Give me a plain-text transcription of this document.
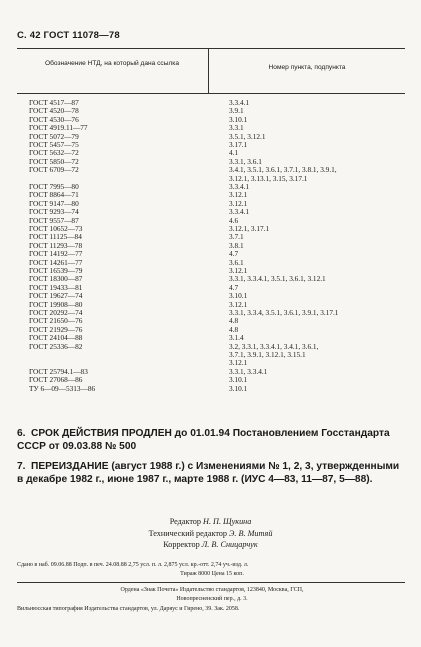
С. 42 ГОСТ 11078—78
Обозначение НТД, на который дана ссылка
Номер пункта, подпункта
ГОСТ 4517—87	3.3.4.1
ГОСТ 4520—78	3.9.1
ГОСТ 4530—76	3.10.1
ГОСТ 4919.11—77	3.3.1
ГОСТ 5072—79	3.5.1, 3.12.1
ГОСТ 5457—75	3.17.1
ГОСТ 5632—72	4.1
ГОСТ 5850—72	3.3.1, 3.6.1
ГОСТ 6709—72	3.4.1, 3.5.1, 3.6.1, 3.7.1, 3.8.1, 3.9.1,
3.12.1, 3.13.1, 3.15, 3.17.1
ГОСТ 7995—80	3.3.4.1
ГОСТ 8864—71	3.12.1
ГОСТ 9147—80	3.12.1
ГОСТ 9293—74	3.3.4.1
ГОСТ 9557—87	4.6
ГОСТ 10652—73	3.12.1, 3.17.1
ГОСТ 11125—84	3.7.1
ГОСТ 11293—78	3.8.1
ГОСТ 14192—77	4.7
ГОСТ 14261—77	3.6.1
ГОСТ 16539—79	3.12.1
ГОСТ 18300—87	3.3.1, 3.3.4.1, 3.5.1, 3.6.1, 3.12.1
ГОСТ 19433—81	4.7
ГОСТ 19627—74	3.10.1
ГОСТ 19908—80	3.12.1
ГОСТ 20292—74	3.3.1, 3.3.4, 3.5.1, 3.6.1, 3.9.1, 3.17.1
ГОСТ 21650—76	4.8
ГОСТ 21929—76	4.8
ГОСТ 24104—88	3.1.4
ГОСТ 25336—82	3.2, 3.3.1, 3.3.4.1, 3.4.1, 3.6.1,
3.7.1, 3.9.1, 3.12.1, 3.15.1
3.12.1
ГОСТ 25794.1—83	3.3.1, 3.3.4.1
ГОСТ 27068—86	3.10.1
ТУ 6—09—5313—86	3.10.1
6. СРОК ДЕЙСТВИЯ ПРОДЛЕН до 01.01.94 Постановлением Госстандарта СССР от 09.03.88 № 500
7. ПЕРЕИЗДАНИЕ (август 1988 г.) с Изменениями № 1, 2, 3, утвержденными в декабре 1982 г., июне 1987 г., марте 1988 г. (ИУС 4—83, 11—87, 5—88).
Редактор Н. П. Щукина
Технический редактор Э. В. Митяй
Корректор Л. В. Сницарчук
Сдано в наб. 09.06.88 Подп. в печ. 24.08.88 2,75 усл. п. л. 2,875 усл. кр.-отт. 2,74 уч.-изд. л.
Тираж 8000 Цена 15 коп.
Ордена «Знак Почета» Издательство стандартов, 123840, Москва, ГСП,
Новопресненский пер., д. 3.
Вильнюсская типография Издательства стандартов, ул. Даряус и Гирено, 39. Зак. 2058.
